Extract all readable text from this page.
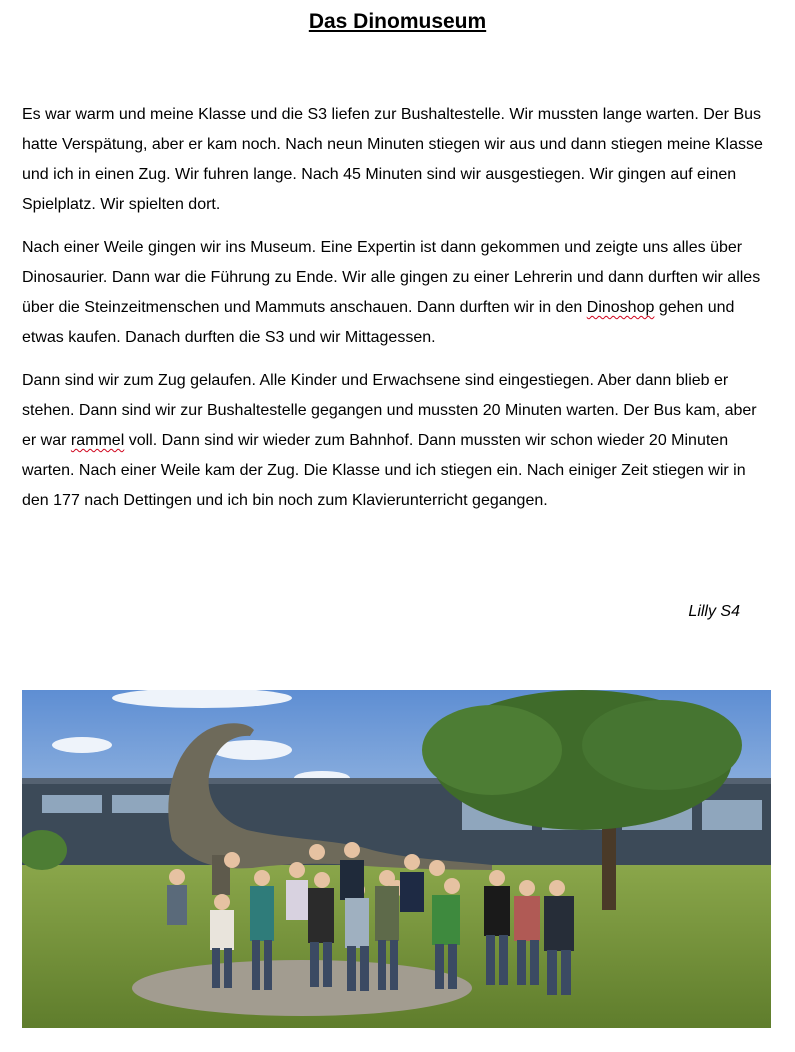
Das Dinomuseum

Es war warm und meine Klasse und die S3 liefen zur Bushaltestelle. Wir mussten lange warten. Der Bus hatte Verspätung, aber er kam noch. Nach neun Minuten stiegen wir aus und dann stiegen meine Klasse und ich in einen Zug. Wir fuhren lange. Nach 45 Minuten sind wir ausgestiegen. Wir gingen auf einen Spielplatz. Wir spielten dort.

Nach einer Weile gingen wir ins Museum. Eine Expertin ist dann gekommen und zeigte uns alles über Dinosaurier. Dann war die Führung zu Ende. Wir alle gingen zu einer Lehrerin und dann durften wir alles über die Steinzeitmenschen und Mammuts anschauen. Dann durften wir in den Dinoshop gehen und etwas kaufen. Danach durften die S3 und wir Mittagessen.

Dann sind wir zum Zug gelaufen. Alle Kinder und Erwachsene sind eingestiegen. Aber dann blieb er stehen. Dann sind wir zur Bushaltestelle gegangen und mussten 20 Minuten warten. Der Bus kam, aber er war rammel voll. Dann sind wir wieder zum Bahnhof. Dann mussten wir schon wieder 20 Minuten warten. Nach einer Weile kam der Zug. Die Klasse und ich stiegen ein. Nach einiger Zeit stiegen wir in den 177 nach Dettingen und ich bin noch zum Klavierunterricht gegangen.

Lilly S4
